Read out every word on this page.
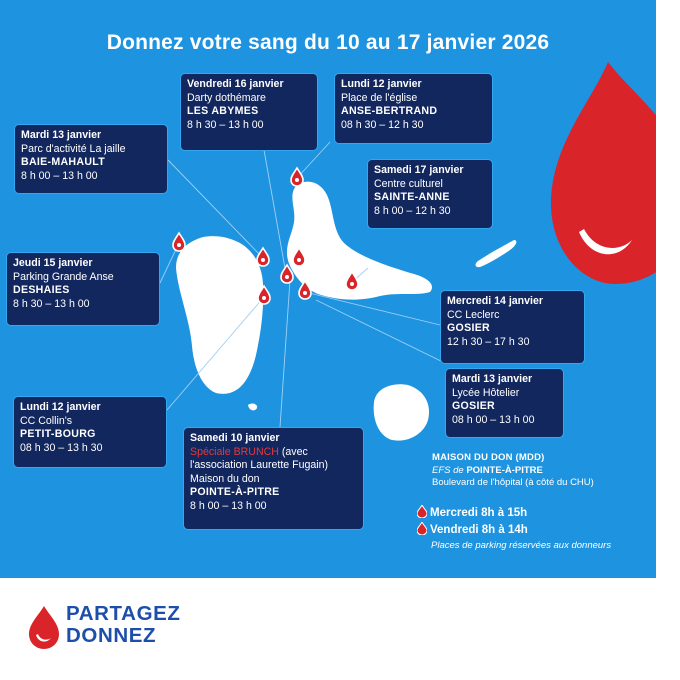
Donnez votre sang du 10 au 17 janvier 2026
Mardi 13 janvier
Parc d'activité La jaille
BAIE-MAHAULT
8 h 00 – 13 h 00
Vendredi 16 janvier
Darty dothémare
LES ABYMES
8 h 30 – 13 h 00
Lundi 12 janvier
Place de l'église
ANSE-BERTRAND
08 h 30 – 12 h 30
Samedi 17 janvier
Centre culturel
SAINTE-ANNE
8 h 00 – 12 h 30
Jeudi 15 janvier
Parking Grande Anse
DESHAIES
8 h 30 – 13 h 00	Mercredi 14 janvier
CC Leclerc
GOSIER
12 h 30 – 17 h 30
Mardi 13 janvier
Lycée Hôtelier
GOSIER
08 h 00 – 13 h 00
Lundi 12 janvier
CC Collin's
PETIT-BOURG
08 h 30 – 13 h 30
Samedi 10 janvier
Spéciale BRUNCH (avec l'association Laurette Fugain)
Maison du don
POINTE-À-PITRE
8 h 00 – 13 h 00
MAISON DU DON (MDD)
EFS de POINTE-À-PITRE
Boulevard de l'hôpital (à côté du CHU)
Mercredi 8h à 15h
Vendredi 8h à 14h
Places de parking réservées aux donneurs
PARTAGEZ
DONNEZ
